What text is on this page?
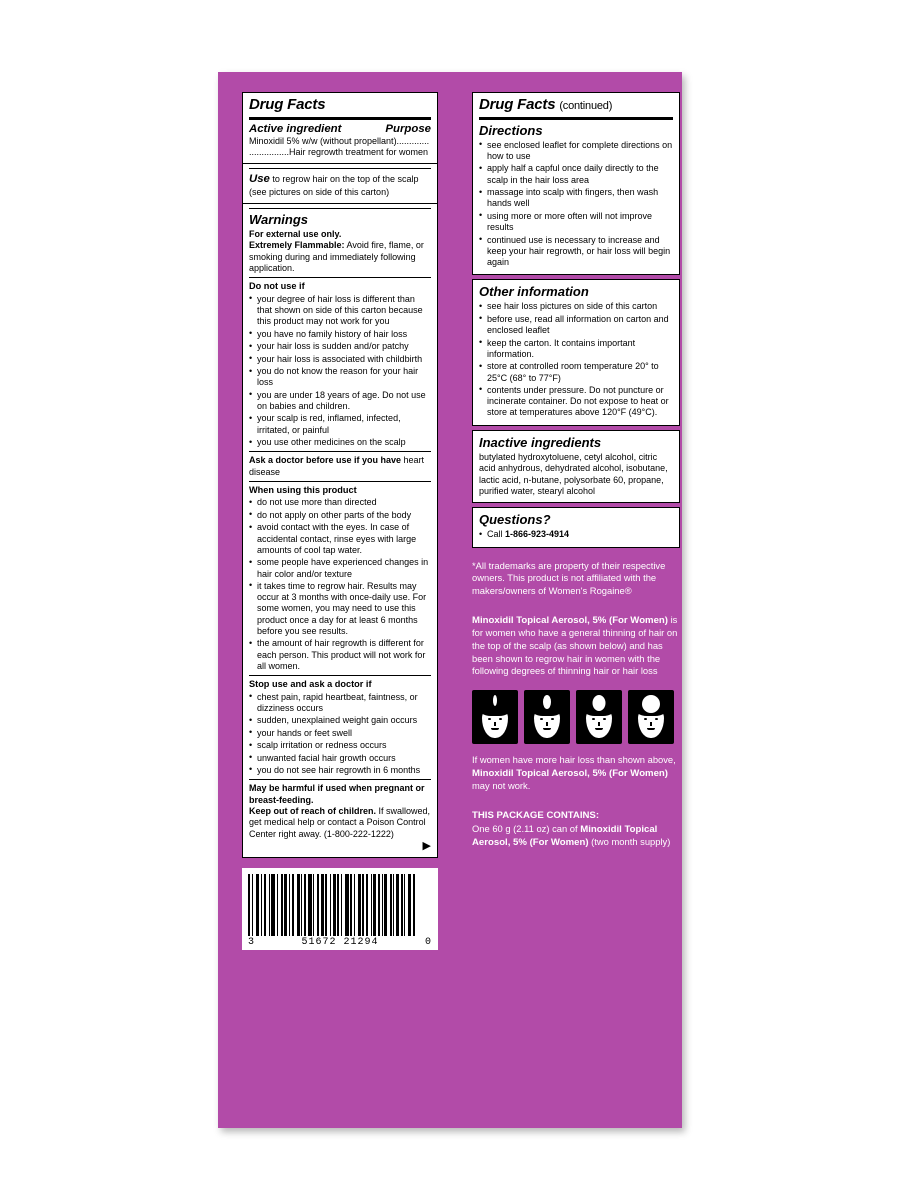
Drug Facts
Active ingredient	Purpose
Minoxidil 5% w/w (without propellant).............
................Hair regrowth treatment for women
Use to regrow hair on the top of the scalp
(see pictures on side of this carton)
Warnings
For external use only.
Extremely Flammable: Avoid fire, flame, or smoking during and immediately following application.
Do not use if
• your degree of hair loss is different than that shown on side of this carton because this product may not work for you
• you have no family history of hair loss
• your hair loss is sudden and/or patchy
• your hair loss is associated with childbirth
• you do not know the reason for your hair loss
• you are under 18 years of age. Do not use on babies and children.
• your scalp is red, inflamed, infected, irritated, or painful
• you use other medicines on the scalp
Ask a doctor before use if you have heart disease
When using this product
• do not use more than directed
• do not apply on other parts of the body
• avoid contact with the eyes. In case of accidental contact, rinse eyes with large amounts of cool tap water.
• some people have experienced changes in hair color and/or texture
• it takes time to regrow hair. Results may occur at 3 months with once-daily use. For some women, you may need to use this product once a day for at least 6 months before you see results.
• the amount of hair regrowth is different for each person. This product will not work for all women.
Stop use and ask a doctor if
• chest pain, rapid heartbeat, faintness, or dizziness occurs
• sudden, unexplained weight gain occurs
• your hands or feet swell
• scalp irritation or redness occurs
• unwanted facial hair growth occurs
• you do not see hair regrowth in 6 months
May be harmful if used when pregnant or breast-feeding.
Keep out of reach of children. If swallowed, get medical help or contact a Poison Control Center right away. (1-800-222-1222)
▶
3	51672 21294	0
Drug Facts (continued)
Directions
• see enclosed leaflet for complete directions on how to use
• apply half a capful once daily directly to the scalp in the hair loss area
• massage into scalp with fingers, then wash hands well
• using more or more often will not improve results
• continued use is necessary to increase and keep your hair regrowth, or hair loss will begin again
Other information
• see hair loss pictures on side of this carton
• before use, read all information on carton and enclosed leaflet
• keep the carton. It contains important information.
• store at controlled room temperature 20° to 25°C (68° to 77°F)
• contents under pressure. Do not puncture or incinerate container. Do not expose to heat or store at temperatures above 120°F (49°C).
Inactive ingredients
butylated hydroxytoluene, cetyl alcohol, citric acid anhydrous, dehydrated alcohol, isobutane, lactic acid, n-butane, polysorbate 60, propane, purified water, stearyl alcohol
Questions?
• Call 1-866-923-4914
*All trademarks are property of their respective owners. This product is not affiliated with the makers/owners of Women's Rogaine®
Minoxidil Topical Aerosol, 5% (For Women) is for women who have a general thinning of hair on the top of the scalp (as shown below) and has been shown to regrow hair in women with the following degrees of thinning hair or hair loss
If women have more hair loss than shown above, Minoxidil Topical Aerosol, 5% (For Women) may not work.
THIS PACKAGE CONTAINS:
One 60 g (2.11 oz) can of Minoxidil Topical Aerosol, 5% (For Women) (two month supply)
